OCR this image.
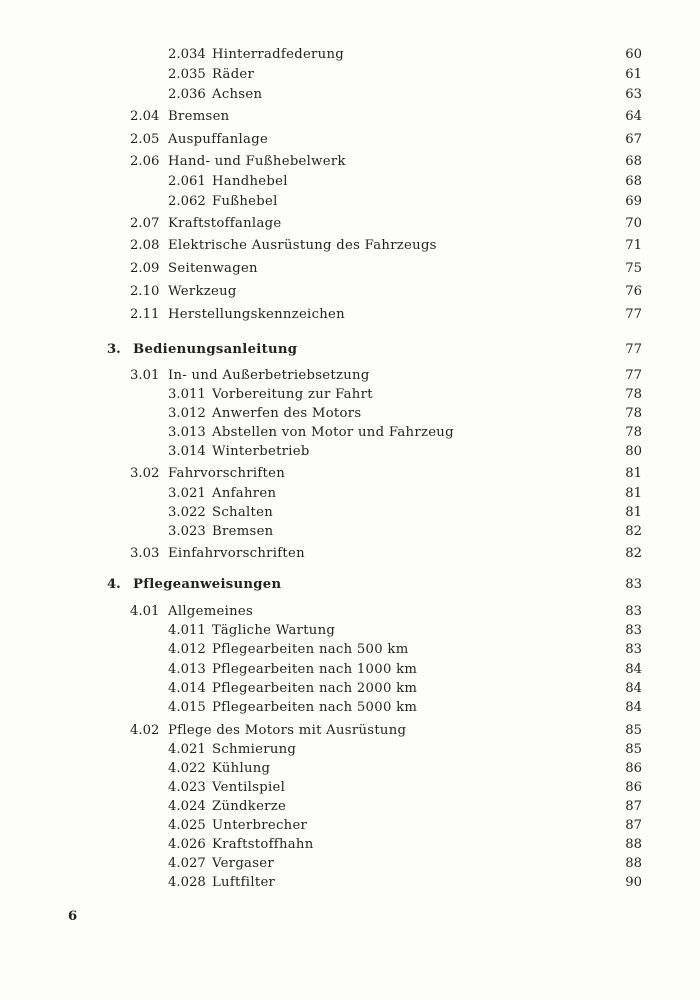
2.034 Hinterradfederung	60
2.035 Räder	61
2.036 Achsen	63
2.04 Bremsen	64
2.05 Auspuffanlage	67
2.06 Hand- und Fußhebelwerk	68
2.061 Handhebel	68
2.062 Fußhebel	69
2.07 Kraftstoffanlage	70
2.08 Elektrische Ausrüstung des Fahrzeugs	71
2.09 Seitenwagen	75
2.10 Werkzeug	76
2.11 Herstellungskennzeichen	77
3. Bedienungsanleitung	77
3.01 In- und Außerbetriebsetzung	77
3.011 Vorbereitung zur Fahrt	78
3.012 Anwerfen des Motors	78
3.013 Abstellen von Motor und Fahrzeug	78
3.014 Winterbetrieb	80
3.02 Fahrvorschriften	81
3.021 Anfahren	81
3.022 Schalten	81
3.023 Bremsen	82
3.03 Einfahrvorschriften	82
4. Pflegeanweisungen	83
4.01 Allgemeines	83
4.011 Tägliche Wartung	83
4.012 Pflegearbeiten nach 500 km	83
4.013 Pflegearbeiten nach 1000 km	84
4.014 Pflegearbeiten nach 2000 km	84
4.015 Pflegearbeiten nach 5000 km	84
4.02 Pflege des Motors mit Ausrüstung	85
4.021 Schmierung	85
4.022 Kühlung	86
4.023 Ventilspiel	86
4.024 Zündkerze	87
4.025 Unterbrecher	87
4.026 Kraftstoffhahn	88
4.027 Vergaser	88
4.028 Luftfilter	90
6
